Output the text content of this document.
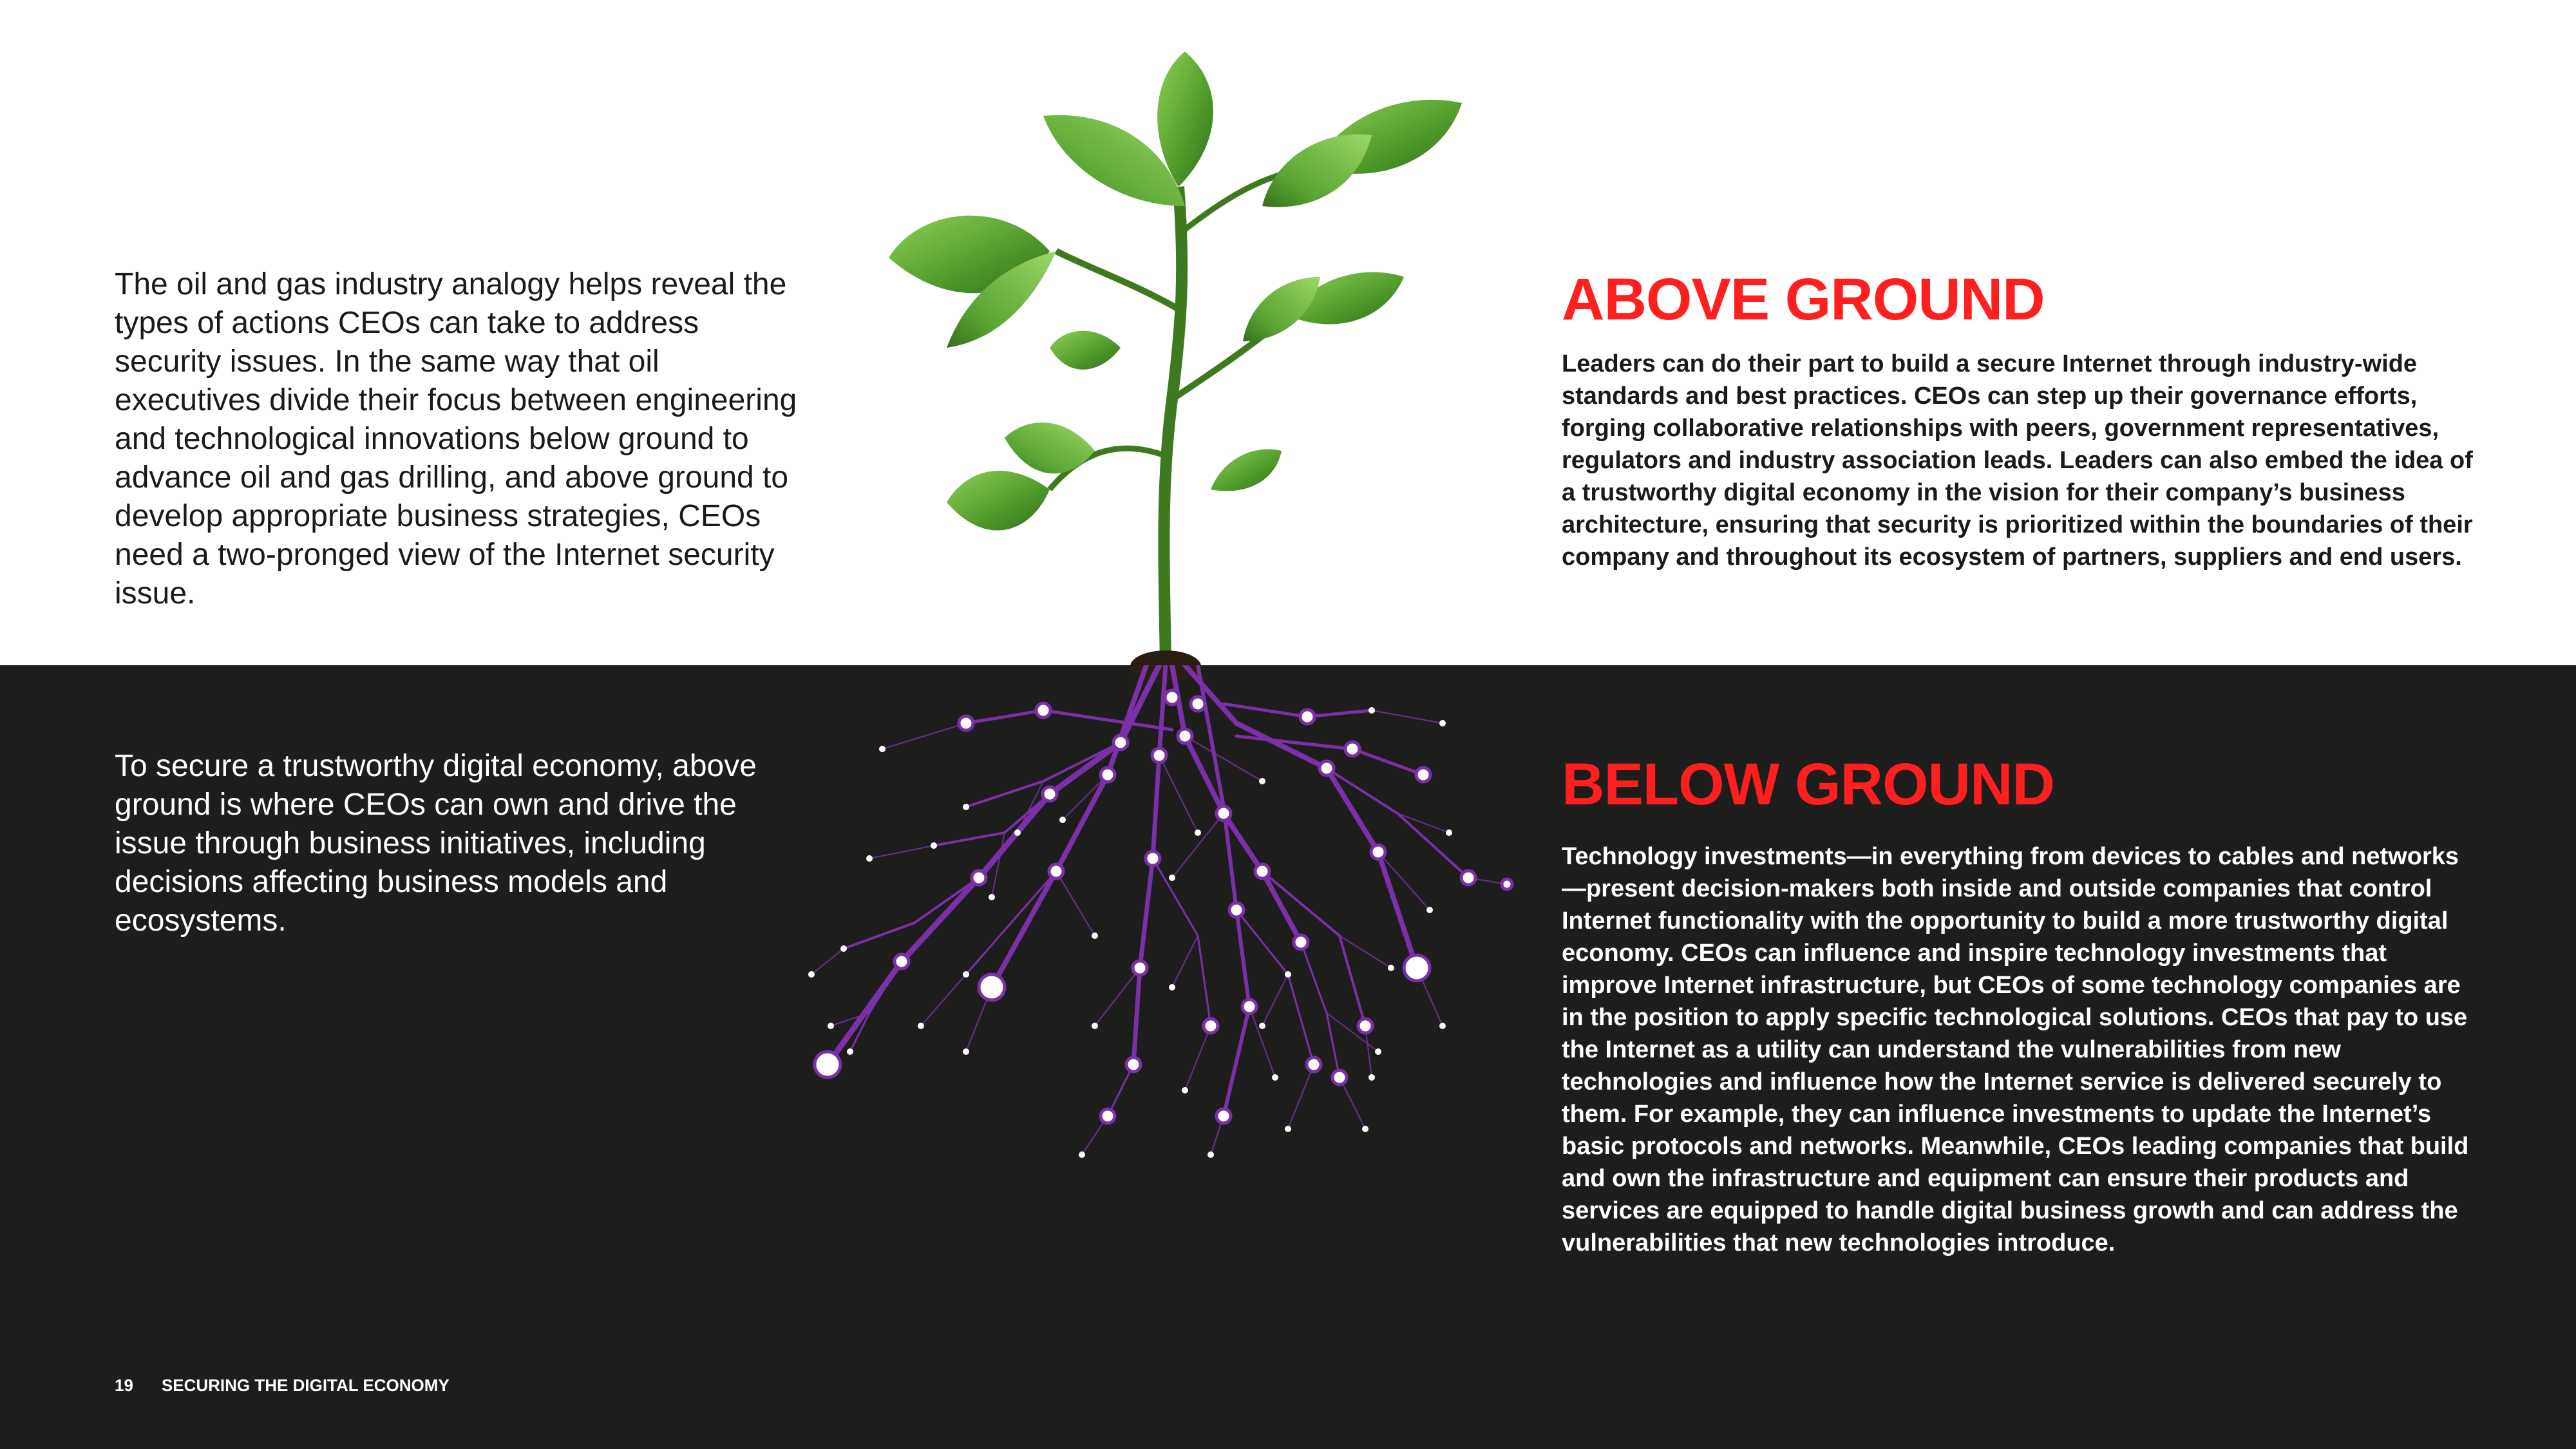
The oil and gas industry analogy helps reveal the types of actions CEOs can take to address security issues. In the same way that oil executives divide their focus between engineering and technological innovations below ground to advance oil and gas drilling, and above ground to develop appropriate business strategies, CEOs need a two-pronged view of the Internet security issue.

To secure a trustworthy digital economy, above ground is where CEOs can own and drive the issue through business initiatives, including decisions affecting business models and ecosystems.

ABOVE GROUND

Leaders can do their part to build a secure Internet through industry-wide standards and best practices. CEOs can step up their governance efforts, forging collaborative relationships with peers, government representatives, regulators and industry association leads. Leaders can also embed the idea of a trustworthy digital economy in the vision for their company’s business architecture, ensuring that security is prioritized within the boundaries of their company and throughout its ecosystem of partners, suppliers and end users.

BELOW GROUND

Technology investments—in everything from devices to cables and networks—present decision-makers both inside and outside companies that control Internet functionality with the opportunity to build a more trustworthy digital economy. CEOs can influence and inspire technology investments that improve Internet infrastructure, but CEOs of some technology companies are in the position to apply specific technological solutions. CEOs that pay to use the Internet as a utility can understand the vulnerabilities from new technologies and influence how the Internet service is delivered securely to them. For example, they can influence investments to update the Internet’s basic protocols and networks. Meanwhile, CEOs leading companies that build and own the infrastructure and equipment can ensure their products and services are equipped to handle digital business growth and can address the vulnerabilities that new technologies introduce.

19 SECURING THE DIGITAL ECONOMY
